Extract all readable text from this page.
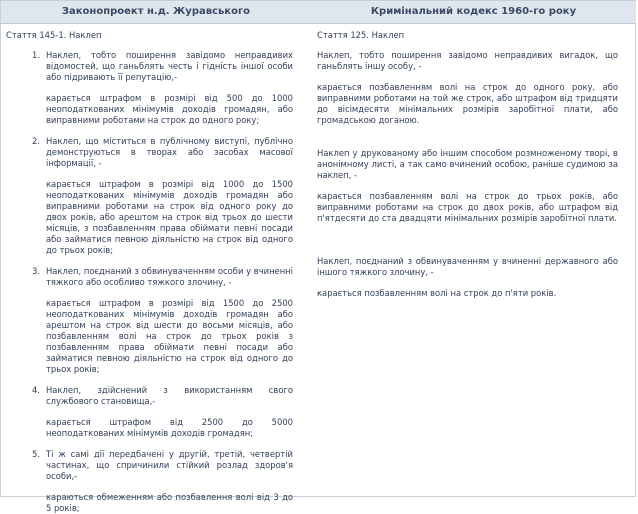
Законопроект н.д. Журавського	Кримінальний кодекс 1960-го року
Стаття 145-1. Наклеп
1. Наклеп, тобто поширення завідомо неправдивих відомостей, що ганьблять честь і гідність іншої особи або підривають її репутацію,-

карається штрафом в розмірі від 500 до 1000 неоподаткованих мінімумів доходів громадян, або виправними роботами на строк до одного року;

2. Наклеп, що міститься в публічному виступі, публічно демонструються в творах або засобах масової інформації, -

карається штрафом в розмірі від 1000 до 1500 неоподаткованих мінімумів доходів громадян або виправними роботами на строк від одного року до двох років, або арештом на строк від трьох до шести місяців, з позбавленням права обіймати певні посади або займатися певною діяльністю на строк від одного до трьох років;

3. Наклеп, поєднаний з обвинуваченням особи у вчиненні тяжкого або особливо тяжкого злочину, -

карається штрафом в розмірі від 1500 до 2500 неоподаткованих мінімумів доходів громадян або арештом на строк від шести до восьми місяців, або позбавленням волі на строк до трьох років з позбавленням права обіймати певні посади або займатися певною діяльністю на строк від одного до трьох років;

4. Наклеп, здійснений з використанням свого службового становища,-

карається штрафом від 2500 до 5000 неоподаткованих мінімумів доходів громадян;

5. Ті ж самі дії передбачені у другій, третій, четвертій частинах, що спричинили стійкий розлад здоров'я особи,-

караються обмеженням або позбавлення волі від 3 до 5 років;

Стаття 125. Наклеп

Наклеп, тобто поширення завідомо неправдивих вигадок, що ганьблять іншу особу, -

карається позбавленням волі на строк до одного року, або виправними роботами на той же строк, або штрафом від тридцяти до вісімдесяти мінімальних розмірів заробітної плати, або громадською доганою.

Наклеп у друкованому або іншим способом розмноженому творі, в анонімному листі, а так само вчинений особою, раніше судимою за наклеп, -

карається позбавленням волі на строк до трьох років, або виправними роботами на строк до двох років, або штрафом від п'ятдесяти до ста двадцяти мінімальних розмірів заробітної плати.

Наклеп, поєднаний з обвинуваченням у вчиненні державного або іншого тяжкого злочину, -

карається позбавленням волі на строк до п'яти років.
